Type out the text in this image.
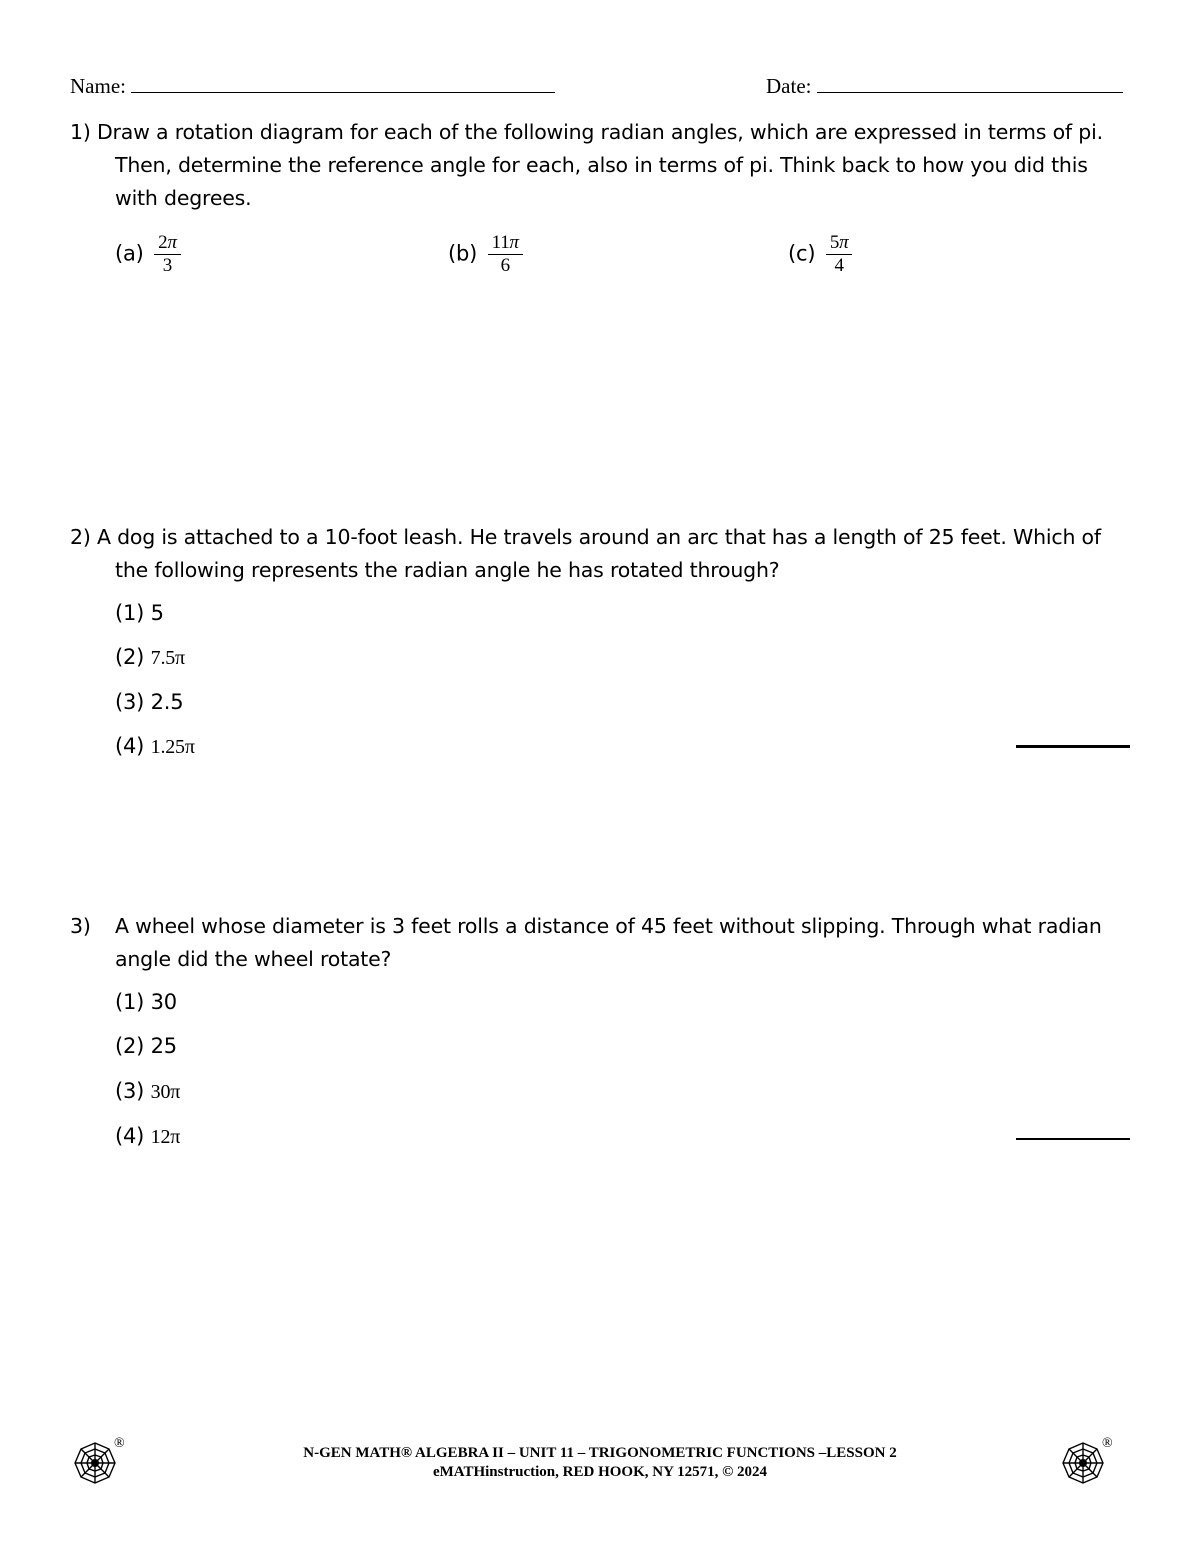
Name:	Date:
1) Draw a rotation diagram for each of the following radian angles, which are expressed in terms of pi. Then, determine the reference angle for each, also in terms of pi. Think back to how you did this with degrees.
$(a) \frac{2\pi}{3}$	$(b) \frac{11\pi}{6}$	$(c) \frac{5\pi}{4}$
2) A dog is attached to a 10-foot leash. He travels around an arc that has a length of 25 feet. Which of the following represents the radian angle he has rotated through?
(1) 5
(2) 7.5π
(3) 2.5
(4) 1.25π
3) A wheel whose diameter is 3 feet rolls a distance of 45 feet without slipping. Through what radian angle did the wheel rotate?
(1) 30
(2) 25
(3) 30π
(4) 12π
N-GEN MATH® ALGEBRA II – UNIT 11 – TRIGONOMETRIC FUNCTIONS –LESSON 2
eMATHinstruction, RED HOOK, NY 12571, © 2024
®	®
